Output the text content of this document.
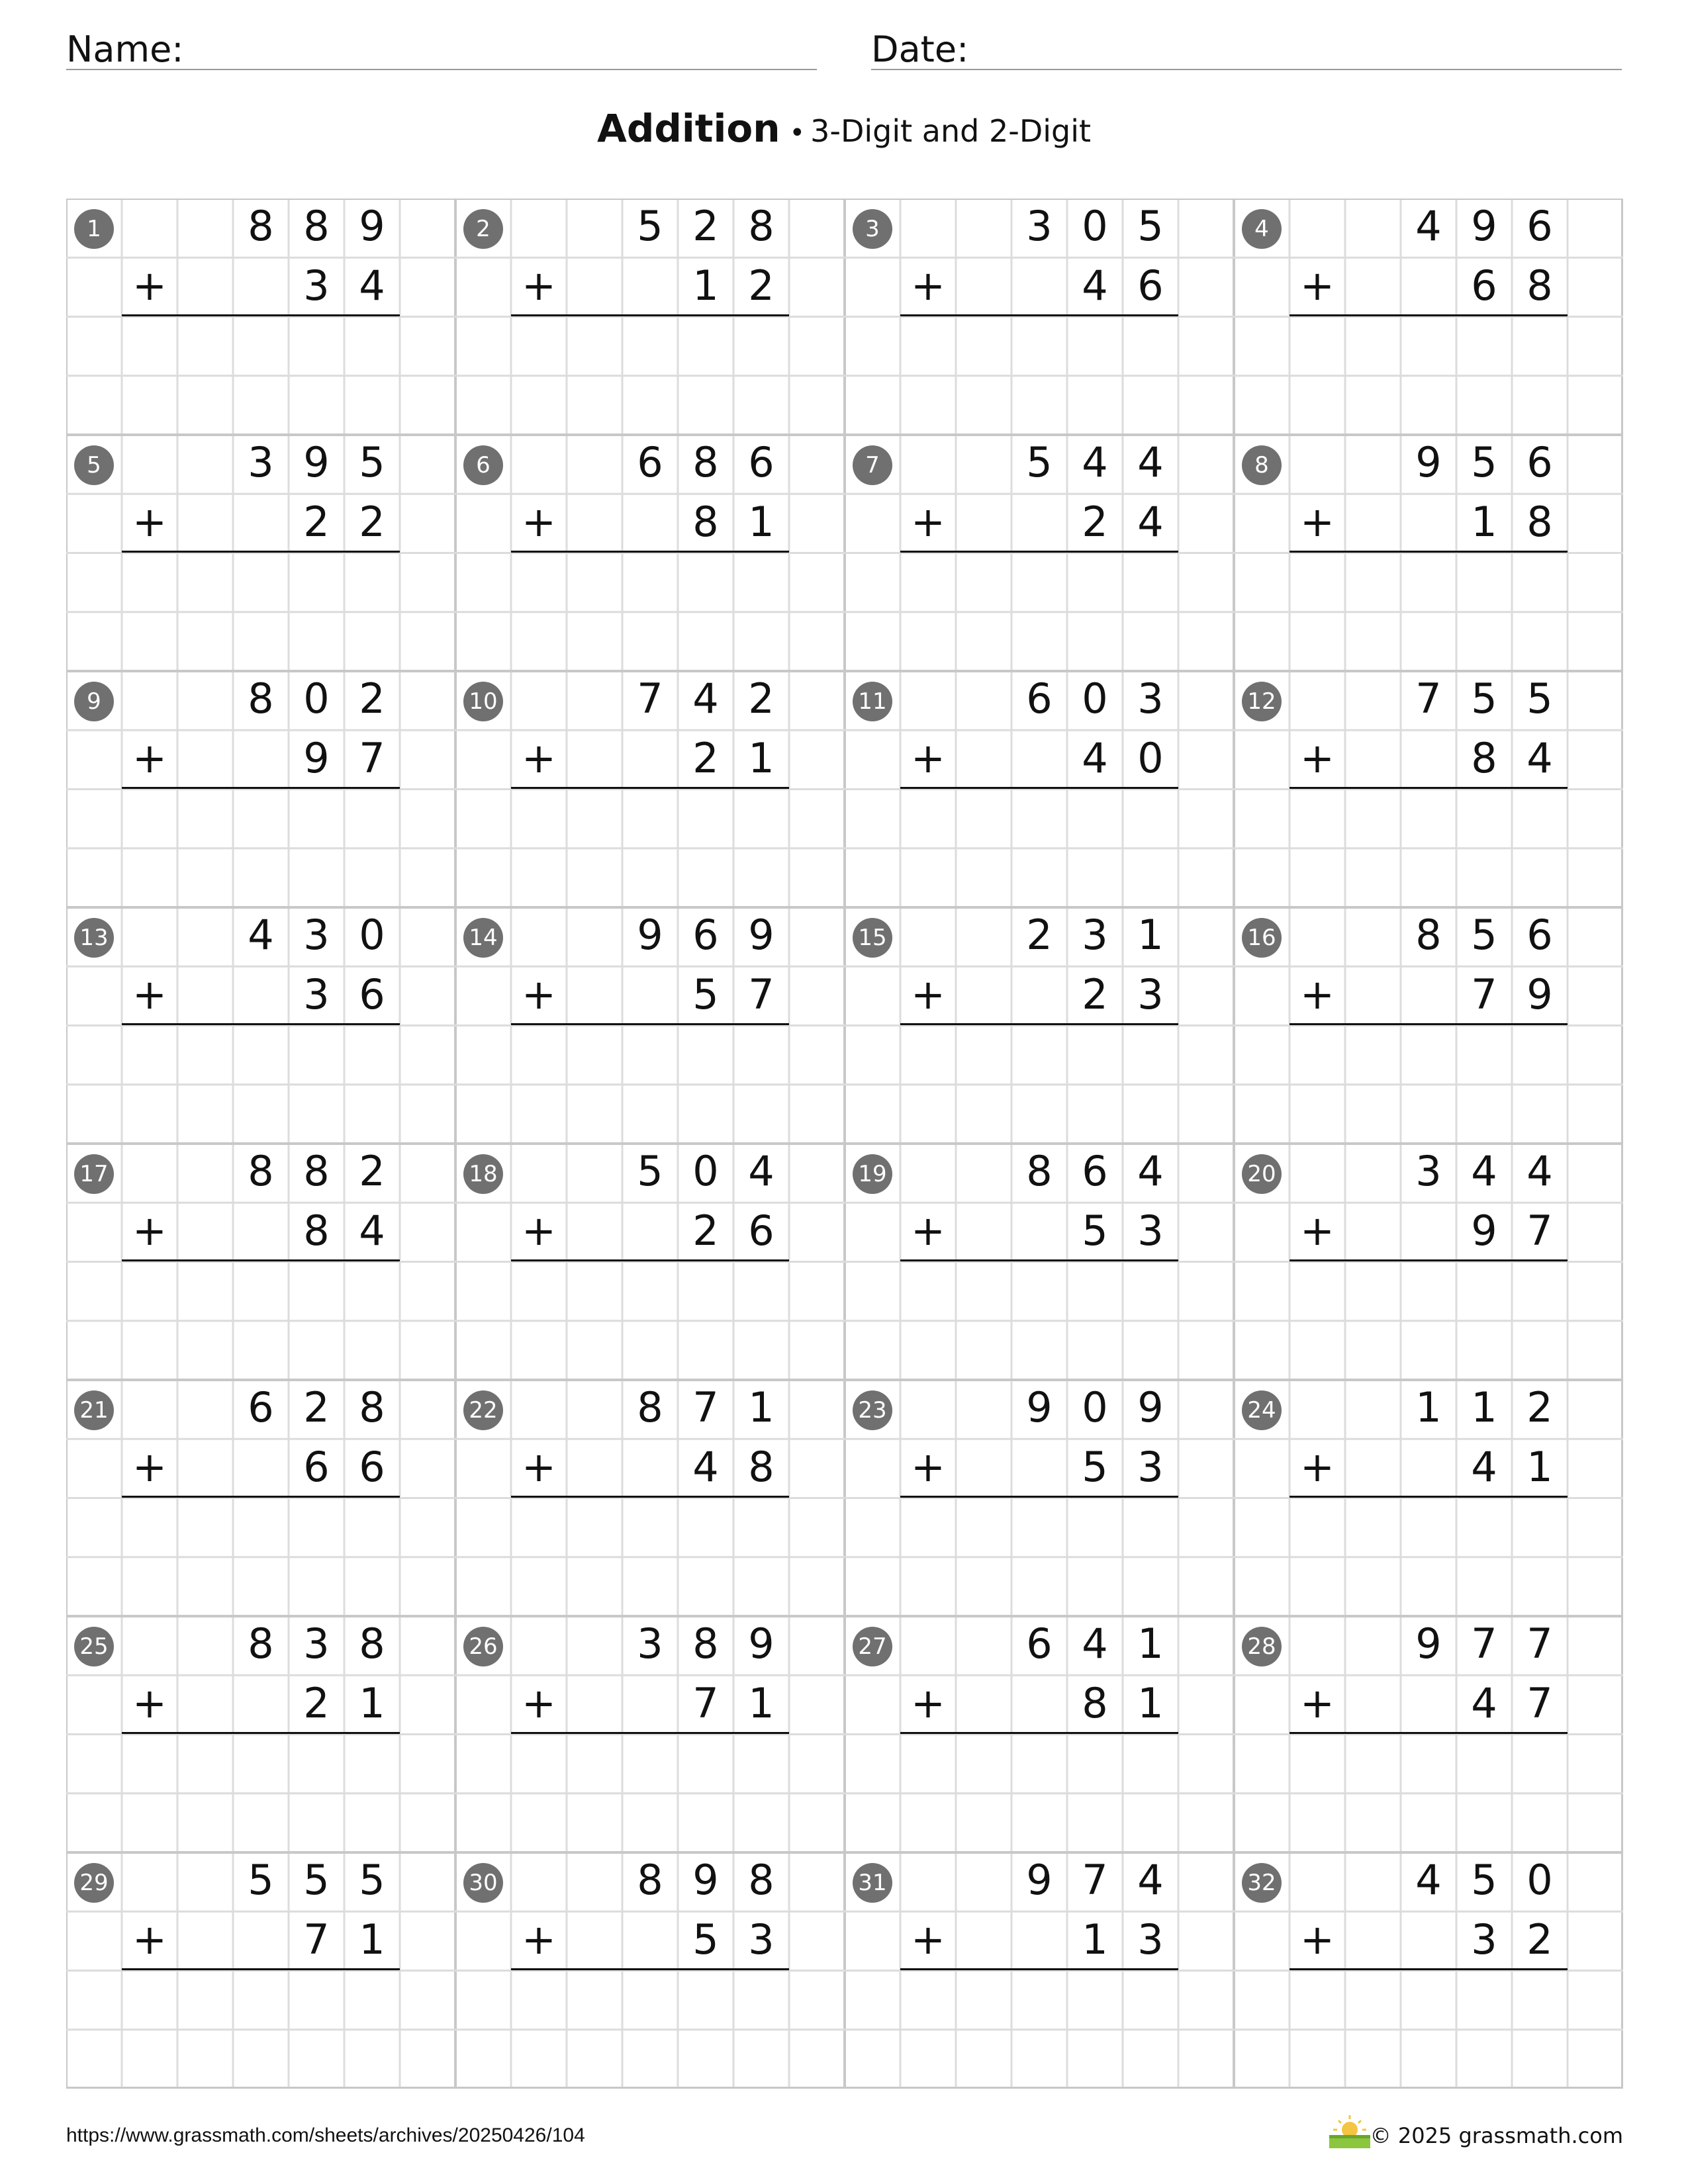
Name:	Date:
Addition • 3-Digit and 2-Digit
1	8 8 9
+	3 4
2	5 2 8
+	1 2
3	3 0 5
+	4 6
4	4 9 6
+	6 8
5	3 9 5
+	2 2
6	6 8 6
+	8 1
7	5 4 4
+	2 4
8	9 5 6
+	1 8
9	8 0 2
+	9 7
10	7 4 2
+	2 1
11	6 0 3
+	4 0
12	7 5 5
+	8 4
13	4 3 0
+	3 6
14	9 6 9
+	5 7
15	2 3 1
+	2 3
16	8 5 6
+	7 9
17	8 8 2
+	8 4
18	5 0 4
+	2 6
19	8 6 4
+	5 3
20	3 4 4
+	9 7
21	6 2 8
+	6 6
22	8 7 1
+	4 8
23	9 0 9
+	5 3
24	1 1 2
+	4 1
25	8 3 8
+	2 1
26	3 8 9
+	7 1
27	6 4 1
+	8 1
28	9 7 7
+	4 7
29	5 5 5
+	7 1
30	8 9 8
+	5 3
31	9 7 4
+	1 3
32	4 5 0
+	3 2
https://www.grassmath.com/sheets/archives/20250426/104	© 2025 grassmath.com
